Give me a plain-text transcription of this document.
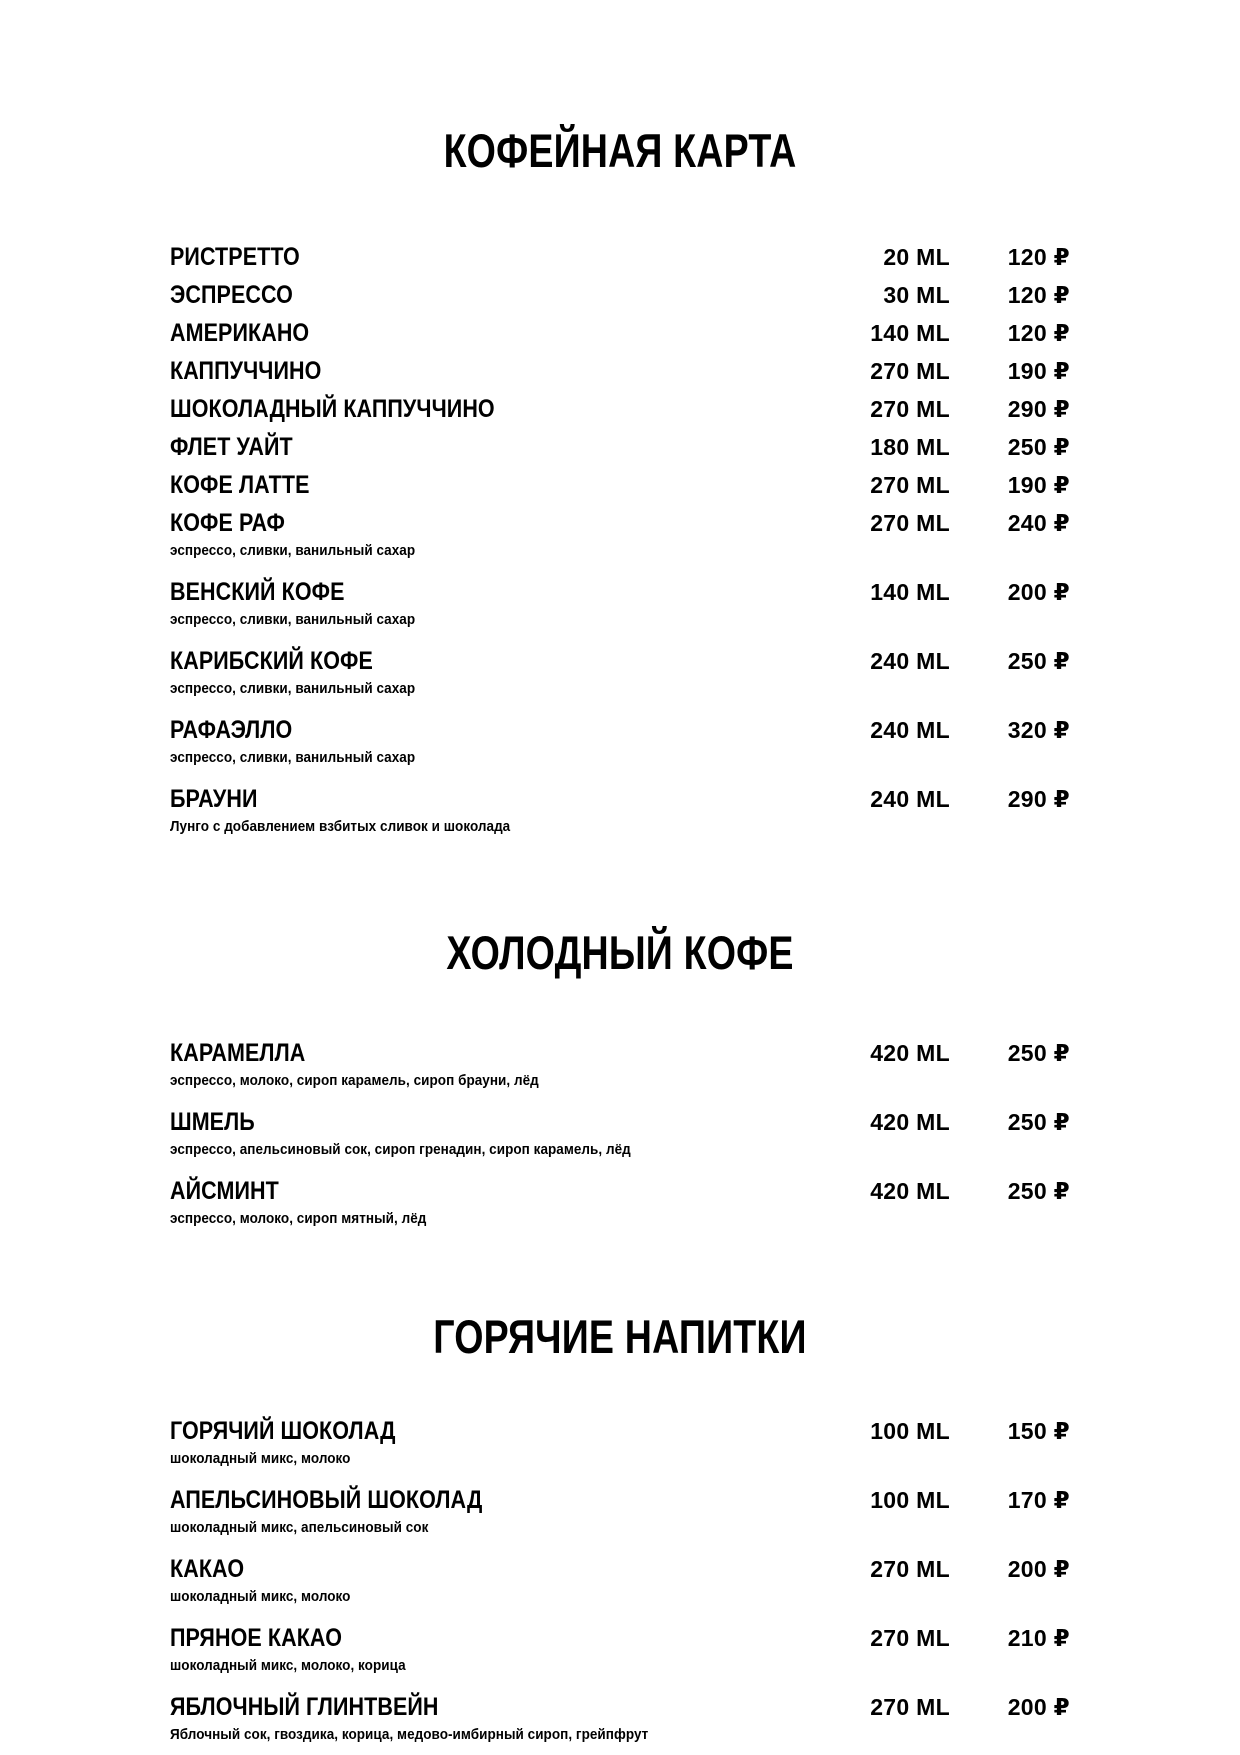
КОФЕЙНАЯ КАРТА
РИСТРЕТТО	20 ML	120 ₽
ЭСПРЕССО	30 ML	120 ₽
АМЕРИКАНО	140 ML	120 ₽
КАППУЧЧИНО	270 ML	190 ₽
ШОКОЛАДНЫЙ КАППУЧЧИНО	270 ML	290 ₽
ФЛЕТ УАЙТ	180 ML	250 ₽
КОФЕ ЛАТТЕ	270 ML	190 ₽
КОФЕ РАФ	270 ML	240 ₽
эспрессо, сливки, ванильный сахар
ВЕНСКИЙ КОФЕ	140 ML	200 ₽
эспрессо, сливки, ванильный сахар
КАРИБСКИЙ КОФЕ	240 ML	250 ₽
эспрессо, сливки, ванильный сахар
РАФАЭЛЛО	240 ML	320 ₽
эспрессо, сливки, ванильный сахар
БРАУНИ	240 ML	290 ₽
Лунго с добавлением взбитых сливок и шоколада
ХОЛОДНЫЙ КОФЕ
КАРАМЕЛЛА	420 ML	250 ₽
эспрессо, молоко, сироп карамель, сироп брауни, лёд
ШМЕЛЬ	420 ML	250 ₽
эспрессо, апельсиновый сок, сироп гренадин, сироп карамель, лёд
АЙСМИНТ	420 ML	250 ₽
эспрессо, молоко, сироп мятный, лёд
ГОРЯЧИЕ НАПИТКИ
ГОРЯЧИЙ ШОКОЛАД	100 ML	150 ₽
шоколадный микс, молоко
АПЕЛЬСИНОВЫЙ ШОКОЛАД	100 ML	170 ₽
шоколадный микс, апельсиновый сок
КАКАО	270 ML	200 ₽
шоколадный микс, молоко
ПРЯНОЕ КАКАО	270 ML	210 ₽
шоколадный микс, молоко, корица
ЯБЛОЧНЫЙ ГЛИНТВЕЙН	270 ML	200 ₽
Яблочный сок, гвоздика, корица, медово-имбирный сироп, грейпфрут
